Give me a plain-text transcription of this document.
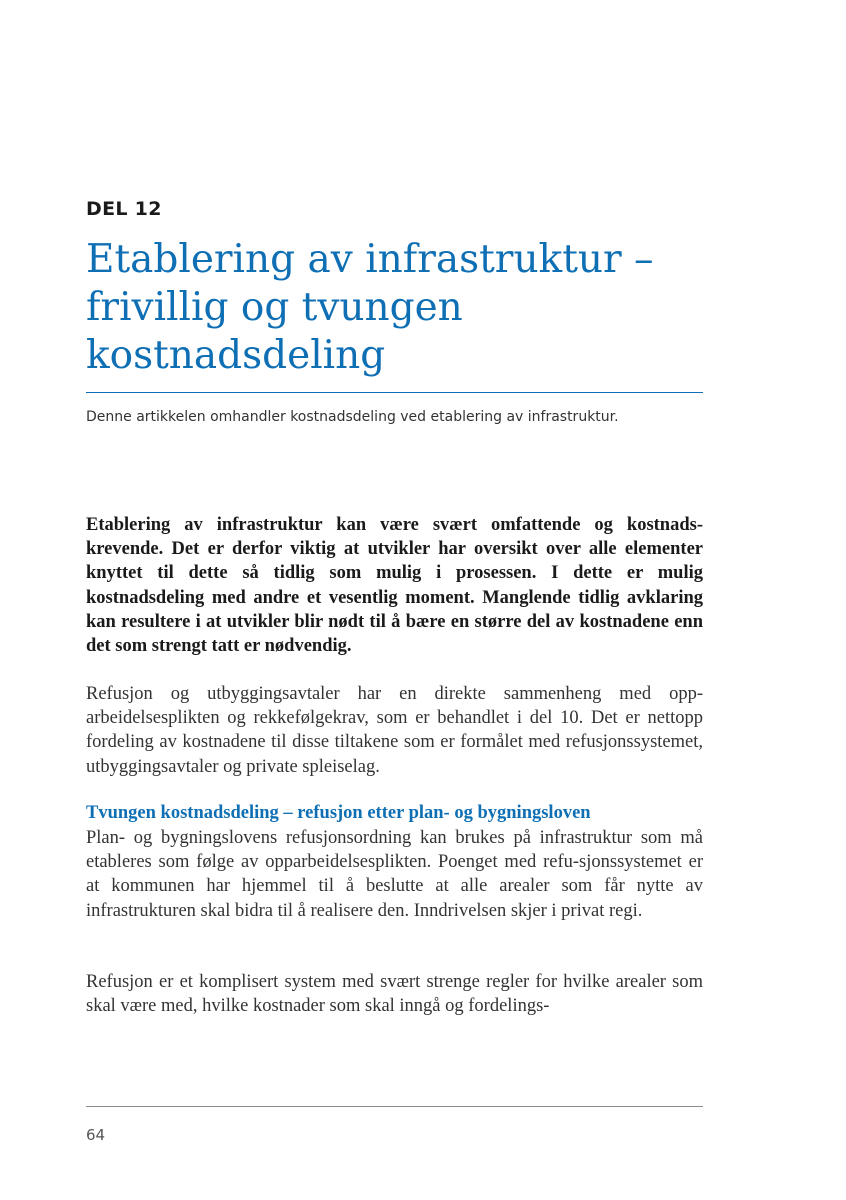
DEL 12
Etablering av infrastruktur – frivillig og tvungen kostnadsdeling
Denne artikkelen omhandler kostnadsdeling ved etablering av infrastruktur.

Etablering av infrastruktur kan være svært omfattende og kostnads-krevende. Det er derfor viktig at utvikler har oversikt over alle elementer knyttet til dette så tidlig som mulig i prosessen. I dette er mulig kostnadsdeling med andre et vesentlig moment. Manglende tidlig avklaring kan resultere i at utvikler blir nødt til å bære en større del av kostnadene enn det som strengt tatt er nødvendig.

Refusjon og utbyggingsavtaler har en direkte sammenheng med opp-arbeidelsesplikten og rekkefølgekrav, som er behandlet i del 10. Det er nettopp fordeling av kostnadene til disse tiltakene som er formålet med refusjonssystemet, utbyggingsavtaler og private spleiselag.

Tvungen kostnadsdeling – refusjon etter plan- og bygningsloven

Plan- og bygningslovens refusjonsordning kan brukes på infrastruktur som må etableres som følge av opparbeidelsesplikten. Poenget med refu-sjonssystemet er at kommunen har hjemmel til å beslutte at alle arealer som får nytte av infrastrukturen skal bidra til å realisere den. Inndrivelsen skjer i privat regi.

Refusjon er et komplisert system med svært strenge regler for hvilke arealer som skal være med, hvilke kostnader som skal inngå og fordelings-

64
